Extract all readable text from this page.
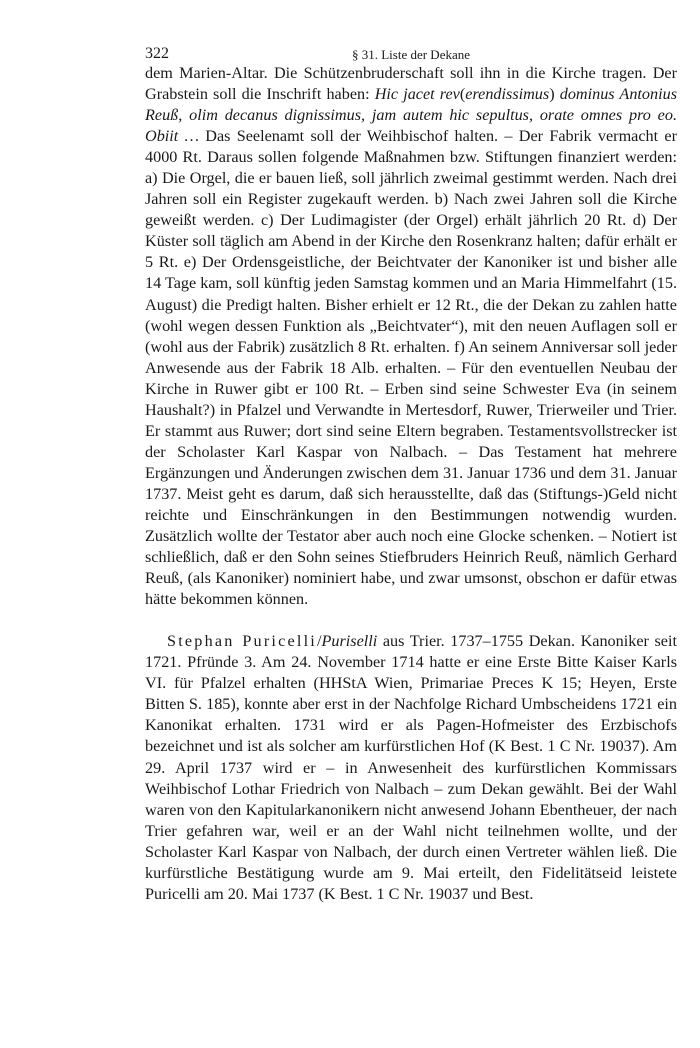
322	§ 31. Liste der Dekane

dem Marien-Altar. Die Schützenbruderschaft soll ihn in die Kirche tragen. Der Grabstein soll die Inschrift haben: Hic jacet rev(erendissimus) dominus Antonius Reuß, olim decanus dignissimus, jam autem hic sepultus, orate omnes pro eo. Obiit … Das Seelenamt soll der Weihbischof halten. – Der Fabrik vermacht er 4000 Rt. Daraus sollen folgende Maßnahmen bzw. Stiftungen finanziert werden: a) Die Orgel, die er bauen ließ, soll jährlich zweimal gestimmt werden. Nach drei Jahren soll ein Register zugekauft werden. b) Nach zwei Jahren soll die Kirche geweißt werden. c) Der Ludimagister (der Orgel) erhält jährlich 20 Rt. d) Der Küster soll täglich am Abend in der Kirche den Rosenkranz halten; dafür erhält er 5 Rt. e) Der Ordensgeistliche, der Beichtvater der Kanoniker ist und bisher alle 14 Tage kam, soll künftig jeden Samstag kommen und an Maria Himmelfahrt (15. August) die Predigt halten. Bisher erhielt er 12 Rt., die der Dekan zu zahlen hatte (wohl wegen dessen Funktion als „Beichtvater“), mit den neuen Auflagen soll er (wohl aus der Fabrik) zusätzlich 8 Rt. erhalten. f) An seinem Anniversar soll jeder Anwesende aus der Fabrik 18 Alb. erhalten. – Für den eventuellen Neubau der Kirche in Ruwer gibt er 100 Rt. – Erben sind seine Schwester Eva (in seinem Haushalt?) in Pfalzel und Verwandte in Mertesdorf, Ruwer, Trierweiler und Trier. Er stammt aus Ruwer; dort sind seine Eltern begraben. Testamentsvollstrecker ist der Scholaster Karl Kaspar von Nalbach. – Das Testament hat mehrere Ergänzungen und Änderungen zwischen dem 31. Januar 1736 und dem 31. Januar 1737. Meist geht es darum, daß sich herausstellte, daß das (Stiftungs-)Geld nicht reichte und Einschränkungen in den Bestimmungen notwendig wurden. Zusätzlich wollte der Testator aber auch noch eine Glocke schenken. – Notiert ist schließlich, daß er den Sohn seines Stiefbruders Heinrich Reuß, nämlich Gerhard Reuß, (als Kanoniker) nominiert habe, und zwar umsonst, obschon er dafür etwas hätte bekommen können.

Stephan Puricelli/Puriselli aus Trier. 1737–1755 Dekan. Kanoniker seit 1721. Pfründe 3. Am 24. November 1714 hatte er eine Erste Bitte Kaiser Karls VI. für Pfalzel erhalten (HHStA Wien, Primariae Preces K 15; Heyen, Erste Bitten S. 185), konnte aber erst in der Nachfolge Richard Umbscheidens 1721 ein Kanonikat erhalten. 1731 wird er als Pagen-Hofmeister des Erzbischofs bezeichnet und ist als solcher am kurfürstlichen Hof (K Best. 1 C Nr. 19037). Am 29. April 1737 wird er – in Anwesenheit des kurfürstlichen Kommissars Weihbischof Lothar Friedrich von Nalbach – zum Dekan gewählt. Bei der Wahl waren von den Kapitularkanonikern nicht anwesend Johann Ebentheuer, der nach Trier gefahren war, weil er an der Wahl nicht teilnehmen wollte, und der Scholaster Karl Kaspar von Nalbach, der durch einen Vertreter wählen ließ. Die kurfürstliche Bestätigung wurde am 9. Mai erteilt, den Fidelitätseid leistete Puricelli am 20. Mai 1737 (K Best. 1 C Nr. 19037 und Best.
